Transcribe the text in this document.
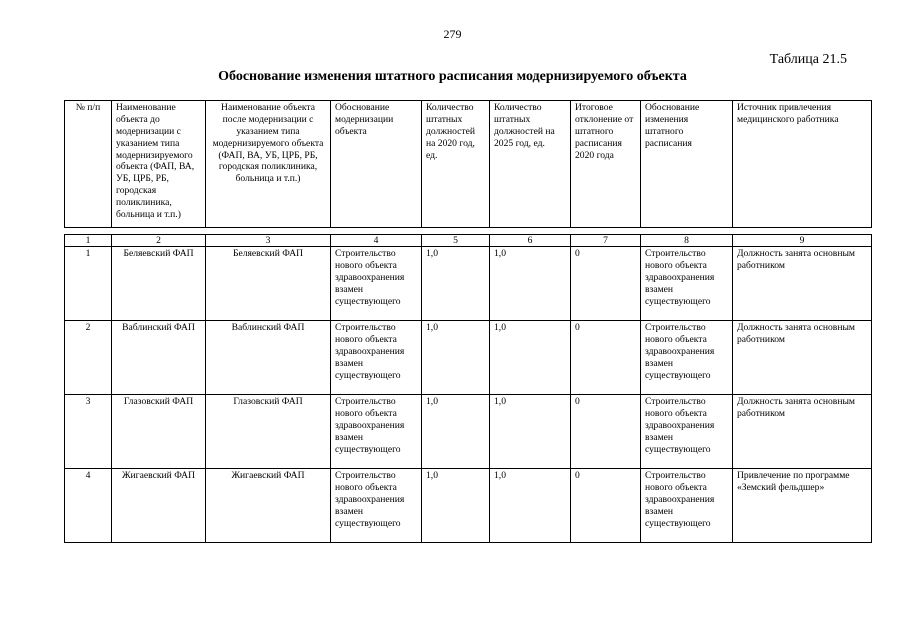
279
Таблица 21.5
Обоснование изменения штатного расписания модернизируемого объекта
№ п/п	Наименование объекта до модернизации с указанием типа модернизируемого объекта (ФАП, ВА, УБ, ЦРБ, РБ, городская поликлиника, больница и т.п.)	Наименование объекта после модернизации с указанием типа модернизируемого объекта (ФАП, ВА, УБ, ЦРБ, РБ, городская поликлиника, больница и т.п.)	Обоснование модернизации объекта	Количество штатных должностей на 2020 год, ед.	Количество штатных должностей на 2025 год, ед.	Итоговое отклонение от штатного расписания 2020 года	Обоснование изменения штатного расписания	Источник привлечения медицинского работника

1	2	3	4	5	6	7	8	9
1	Беляевский ФАП	Беляевский ФАП	Строительство нового объекта здравоохранения взамен существующего	1,0	1,0	0	Строительство нового объекта здравоохранения взамен существующего	Должность занята основным работником
2	Ваблинский ФАП	Ваблинский ФАП	Строительство нового объекта здравоохранения взамен существующего	1,0	1,0	0	Строительство нового объекта здравоохранения взамен существующего	Должность занята основным работником
3	Глазовский ФАП	Глазовский ФАП	Строительство нового объекта здравоохранения взамен существующего	1,0	1,0	0	Строительство нового объекта здравоохранения взамен существующего	Должность занята основным работником
4	Жигаевский ФАП	Жигаевский ФАП	Строительство нового объекта здравоохранения взамен существующего	1,0	1,0	0	Строительство нового объекта здравоохранения взамен существующего	Привлечение по программе «Земский фельдшер»
